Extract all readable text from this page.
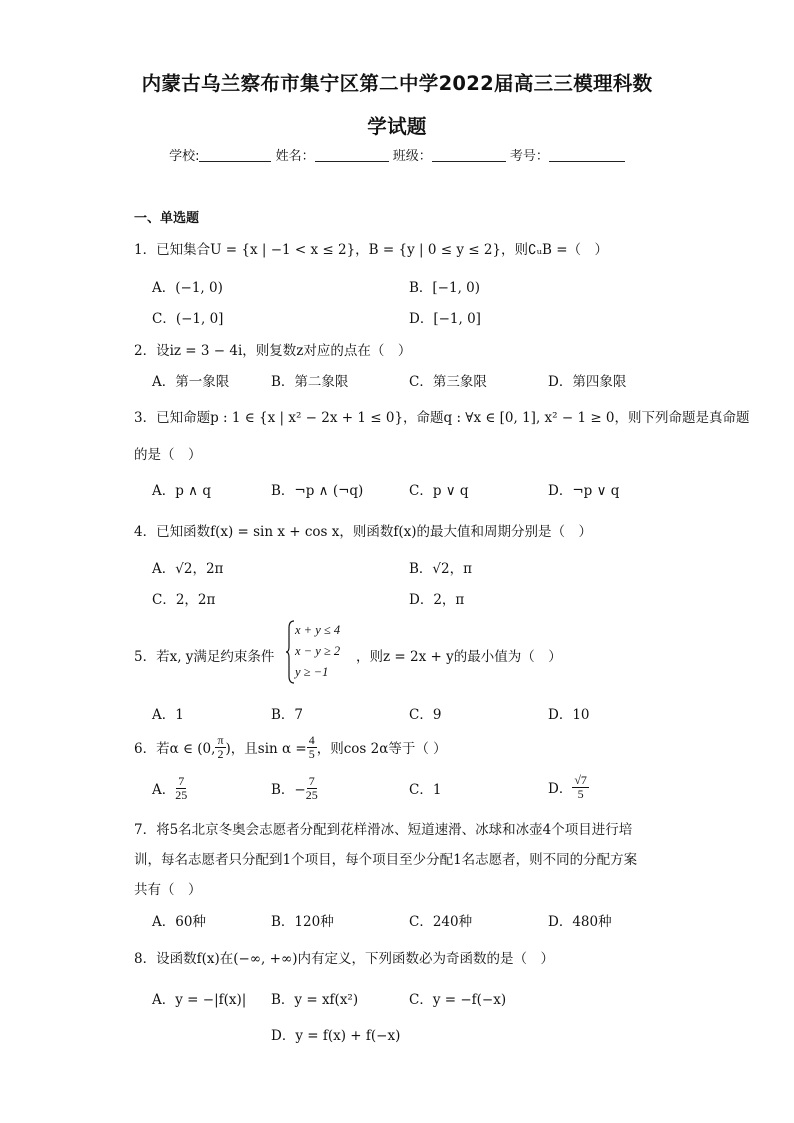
内蒙古乌兰察布市集宁区第二中学2022届高三三模理科数
学试题
学校:	姓名：	班级：	考号：
一、单选题
1．已知集合U = {x | −1 < x ≤ 2}，B = {y | 0 ≤ y ≤ 2}，则∁ᵤB =（　）
A．(−1, 0)	B．[−1, 0)
C．(−1, 0]	D．[−1, 0]
2．设iz = 3 − 4i，则复数z对应的点在（　）
A．第一象限	B．第二象限	C．第三象限	D．第四象限
3．已知命题p : 1 ∈ {x | x² − 2x + 1 ≤ 0}，命题q : ∀x ∈ [0, 1], x² − 1 ≥ 0，则下列命题是真命题
的是（　）
A．p ∧ q	B．¬p ∧ (¬q)	C．p ∨ q	D．¬p ∨ q
4．已知函数f(x) = sin x + cos x，则函数f(x)的最大值和周期分别是（　）
A．√2，2π	B．√2，π
C．2，2π	D．2，π
5．若x, y满足约束条件
x + y ≤ 4
x − y ≥ 2
y ≥ −1
，则z = 2x + y的最小值为（　）
A．1	B．7	C．9	D．10
6．若α ∈ (0, $\frac{\pi}{2}$ )，且$\sin \alpha = \frac{4}{5}$ ，则cos 2α等于（ ）
A． $\frac{7}{25}$	B．− $\frac{7}{25}$	C．1	D． $\frac{√7}{5}$
7．将5名北京冬奥会志愿者分配到花样滑冰、短道速滑、冰球和冰壶4个项目进行培
训，每名志愿者只分配到1个项目，每个项目至少分配1名志愿者，则不同的分配方案
共有（　）
A．60种	B．120种	C．240种	D．480种
8．设函数f(x)在(−∞, +∞)内有定义，下列函数必为奇函数的是（　）
A．y = −|f(x)| B．y = xf(x²)	C．y = −f(−x)
D．y = f(x) + f(−x)
